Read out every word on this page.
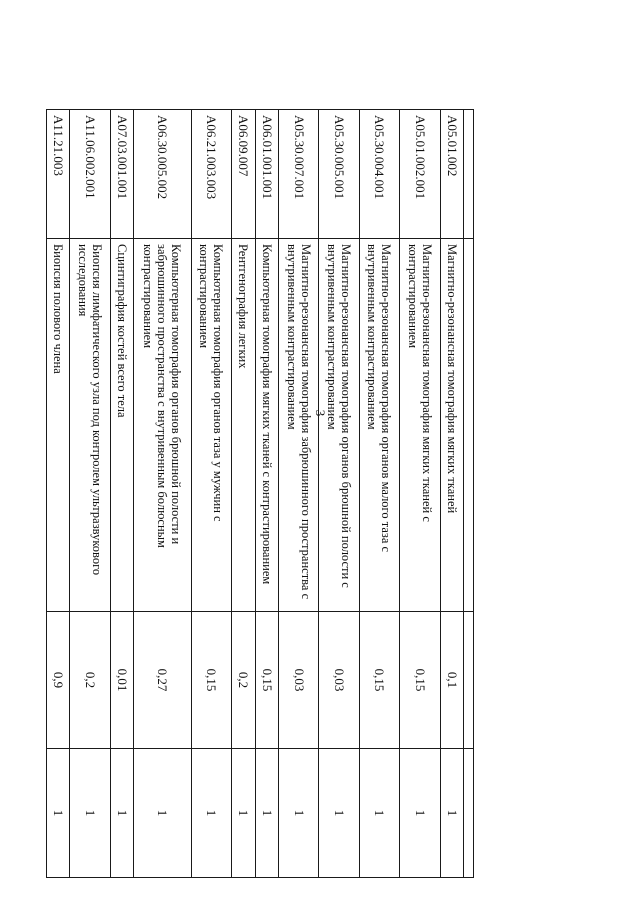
3

A05.01.002	Магнитно-резонансная томография мягких тканей	0,1	1
A05.01.002.001	Магнитно-резонансная томография мягких тканей с контрастированием	0,15	1
A05.30.004.001	Магнитно-резонансная томография органов малого таза с внутривенным контрастированием	0,15	1
A05.30.005.001	Магнитно-резонансная томография органов брюшной полости с внутривенным контрастированием	0,03	1
A05.30.007.001	Магнитно-резонансная томография забрюшинного пространства с внутривенным контрастированием	0,03	1
A06.01.001.001	Компьютерная томография мягких тканей с контрастированием	0,15	1
A06.09.007	Рентгенография легких	0,2	1
A06.21.003.003	Компьютерная томография органов таза у мужчин с контрастированием	0,15	1
A06.30.005.002	Компьютерная томография органов брюшной полости и забрюшинного пространства с внутривенным болюсным контрастированием	0,27	1
A07.03.001.001	Сцинтиграфия костей всего тела	0,01	1
A11.06.002.001	Биопсия лимфатического узла под контролем ультразвукового исследования	0,2	1
A11.21.003	Биопсия полового члена	0,9	1
